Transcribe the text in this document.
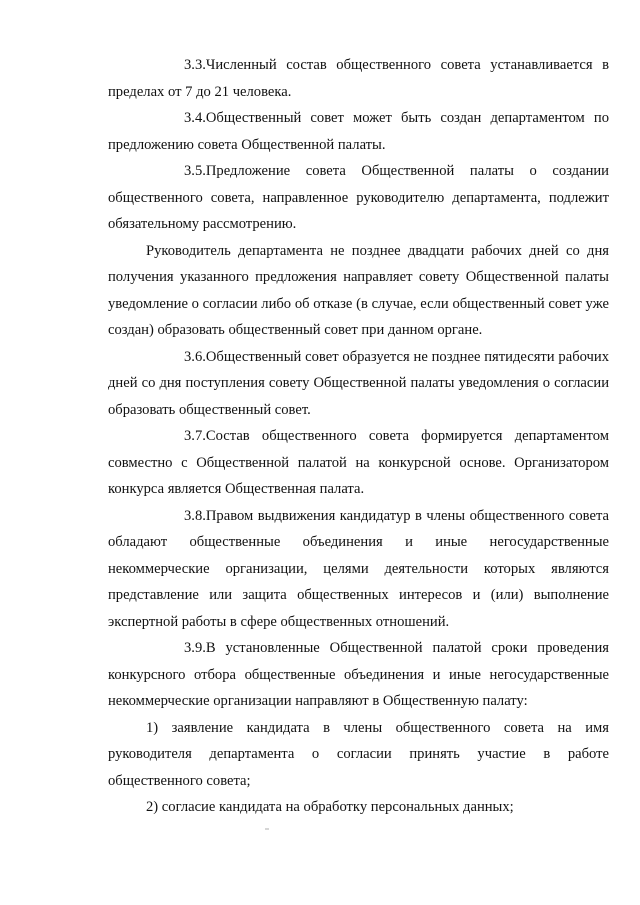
3.3.Численный состав общественного совета устанавливается в пределах от 7 до 21 человека.

3.4.Общественный совет может быть создан департаментом по предложению совета Общественной палаты.

3.5.Предложение совета Общественной палаты о создании общественного совета, направленное руководителю департамента, подлежит обязательному рассмотрению.

Руководитель департамента не позднее двадцати рабочих дней со дня получения указанного предложения направляет совету Общественной палаты уведомление о согласии либо об отказе (в случае, если общественный совет уже создан) образовать общественный совет при данном органе.

3.6.Общественный совет образуется не позднее пятидесяти рабочих дней со дня поступления совету Общественной палаты уведомления о согласии образовать общественный совет.

3.7.Состав общественного совета формируется департаментом совместно с Общественной палатой на конкурсной основе. Организатором конкурса является Общественная палата.

3.8.Правом выдвижения кандидатур в члены общественного совета обладают общественные объединения и иные негосударственные некоммерческие организации, целями деятельности которых являются представление или защита общественных интересов и (или) выполнение экспертной работы в сфере общественных отношений.

3.9.В установленные Общественной палатой сроки проведения конкурсного отбора общественные объединения и иные негосударственные некоммерческие организации направляют в Общественную палату:

1) заявление кандидата в члены общественного совета на имя руководителя департамента о согласии принять участие в работе общественного совета;

2) согласие кандидата на обработку персональных данных;
